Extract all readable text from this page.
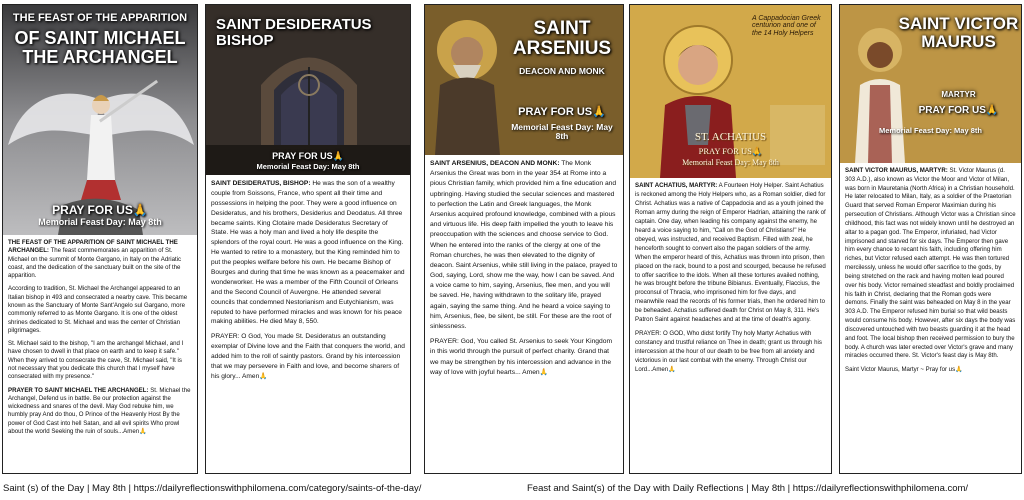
THE FEAST OF THE APPARITION
OF SAINT MICHAEL THE ARCHANGEL
PRAY FOR US🙏
Memorial Feast Day: May 8th

THE FEAST OF THE APPARITION OF SAINT MICHAEL THE ARCHANGEL: The feast commemorates an apparition of St. Michael on the summit of Monte Gargano, in Italy on the Adriatic coast, and the dedication of the sanctuary built on the site of the apparition.

According to tradition, St. Michael the Archangel appeared to an Italian bishop in 493 and consecrated a nearby cave. This became known as the Sanctuary of Monte Sant'Angelo sul Gargano, more commonly referred to as Monte Gargano. It is one of the oldest shrines dedicated to St. Michael and was the center of Christian pilgrimages.

St. Michael said to the bishop, "I am the archangel Michael, and I have chosen to dwell in that place on earth and to keep it safe." When they arrived to consecrate the cave, St. Michael said, "It is not necessary that you dedicate this church that I myself have consecrated with my presence."

PRAYER TO SAINT MICHAEL THE ARCHANGEL: St. Michael the Archangel, Defend us in battle. Be our protection against the wickedness and snares of the devil. May God rebuke him, we humbly pray And do thou, O Prince of the Heavenly Host By the power of God Cast into hell Satan, and all evil spirits Who prowl about the world Seeking the ruin of souls...Amen🙏

SAINT DESIDERATUS BISHOP
PRAY FOR US🙏
Memorial Feast Day: May 8th

SAINT DESIDERATUS, BISHOP: He was the son of a wealthy couple from Soissons, France, who spent all their time and possessions in helping the poor. They were a good influence on Desideratus, and his brothers, Desiderius and Deodatus. All three became saints. King Clotaire made Desideratus Secretary of State. He was a holy man and lived a holy life despite the splendors of the royal court. He was a good influence on the King. He wanted to retire to a monastery, but the King reminded him to put the peoples welfare before his own. He became Bishop of Bourges and during that time he was known as a peacemaker and wonderworker. He was a member of the Fifth Council of Orleans and the Second Council of Auvergne. He attended several councils that condemned Nestorianism and Eutychianism, was reputed to have performed miracles and was known for his peace making abilities. He died May 8, 550.

PRAYER: O God, You made St. Desideratus an outstanding exemplar of Divine love and the Faith that conquers the world, and added him to the roll of saintly pastors. Grand by his intercession that we may persevere in Faith and love, and become sharers of his glory... Amen🙏

SAINT ARSENIUS
DEACON AND MONK
PRAY FOR US🙏
Memorial Feast Day: May 8th

SAINT ARSENIUS, DEACON AND MONK: The Monk Arsenius the Great was born in the year 354 at Rome into a pious Christian family, which provided him a fine education and upbringing. Having studied the secular sciences and mastered to perfection the Latin and Greek languages, the Monk Arsenius acquired profound knowledge, combined with a pious and virtuous life. His deep faith impelled the youth to leave his preoccupation with the sciences and choose service to God. When he entered into the ranks of the clergy at one of the Roman churches, he was then elevated to the dignity of deacon. Saint Arsenius, while still living in the palace, prayed to God, saying, Lord, show me the way, how I can be saved. And a voice came to him, saying, Arsenius, flee men, and you will be saved. He, having withdrawn to the solitary life, prayed again, saying the same thing. And he heard a voice saying to him, Arsenius, flee, be silent, be still. For these are the root of sinlessness.

PRAYER: God, You called St. Arsenius to seek Your Kingdom in this world through the pursuit of perfect charity. Grand that we may be strengthen by his intercession and advance in the way of love with joyful hearts... Amen🙏

A Cappadocian Greek centurion and one of the 14 Holy Helpers
ST. ACHATIUS
PRAY FOR US🙏
Memorial Feast Day: May 8th

SAINT ACHATIUS, MARTYR: A Fourteen Holy Helper. Saint Achatius is reckoned among the Holy Helpers who, as a Roman soldier, died for Christ. Achatius was a native of Cappadocia and as a youth joined the Roman army during the reign of Emperor Hadrian, attaining the rank of captain. One day, when leading his company against the enemy, he heard a voice saying to him, "Call on the God of Christians!" He obeyed, was instructed, and received Baptism. Filled with zeal, he henceforth sought to convert also the pagan soldiers of the army. When the emperor heard of this, Achatius was thrown into prison, then placed on the rack, bound to a post and scourged, because he refused to offer sacrifice to the idols. When all these tortures availed nothing, he was brought before the tribune Bibianus. Eventually, Flaccius, the proconsul of Thracia, who imprisoned him for five days, and meanwhile read the records of his former trials, then he ordered him to be beheaded. Achatius suffered death for Christ on May 8, 311. He's Patron Saint against headaches and at the time of death's agony.

PRAYER: O GOD, Who didst fortify Thy holy Martyr Achatius with constancy and trustful reliance on Thee in death; grant us through his intercession at the hour of our death to be free from all anxiety and victorious in our last combat with the enemy. Through Christ our Lord...Amen🙏

SAINT VICTOR MAURUS
MARTYR
PRAY FOR US🙏
Memorial Feast Day: May 8th

SAINT VICTOR MAURUS, MARTYR: St. Victor Maurus (d. 303 A.D.), also known as Victor the Moor and Victor of Milan, was born in Mauretania (North Africa) in a Christian household. He later relocated to Milan, Italy, as a soldier of the Praetorian Guard that served Roman Emperor Maximian during his persecution of Christians. Although Victor was a Christian since childhood, this fact was not widely known until he destroyed an altar to a pagan god. The Emperor, infuriated, had Victor imprisoned and starved for six days. The Emperor then gave him every chance to recant his faith, including offering him riches, but Victor refused each attempt. He was then tortured mercilessly, unless he would offer sacrifice to the gods, by being stretched on the rack and having molten lead poured over his body. Victor remained steadfast and boldly proclaimed his faith in Christ, declaring that the Roman gods were demons. Finally the saint was beheaded on May 8 in the year 303 A.D. The Emperor refused him burial so that wild beasts would consume his body. However, after six days the body was discovered untouched with two beasts guarding it at the head and foot. The local bishop then received permission to bury the body. A church was later erected over Victor's grave and many miracles occurred there. St. Victor's feast day is May 8th.

Saint Victor Maurus, Martyr ~ Pray for us🙏

Saint (s) of the Day | May 8th | https://dailyreflectionswithphilomena.com/category/saints-of-the-day/	Feast and Saint(s) of the Day with Daily Reflections | May 8th | https://dailyreflectionswithphilomena.com/
